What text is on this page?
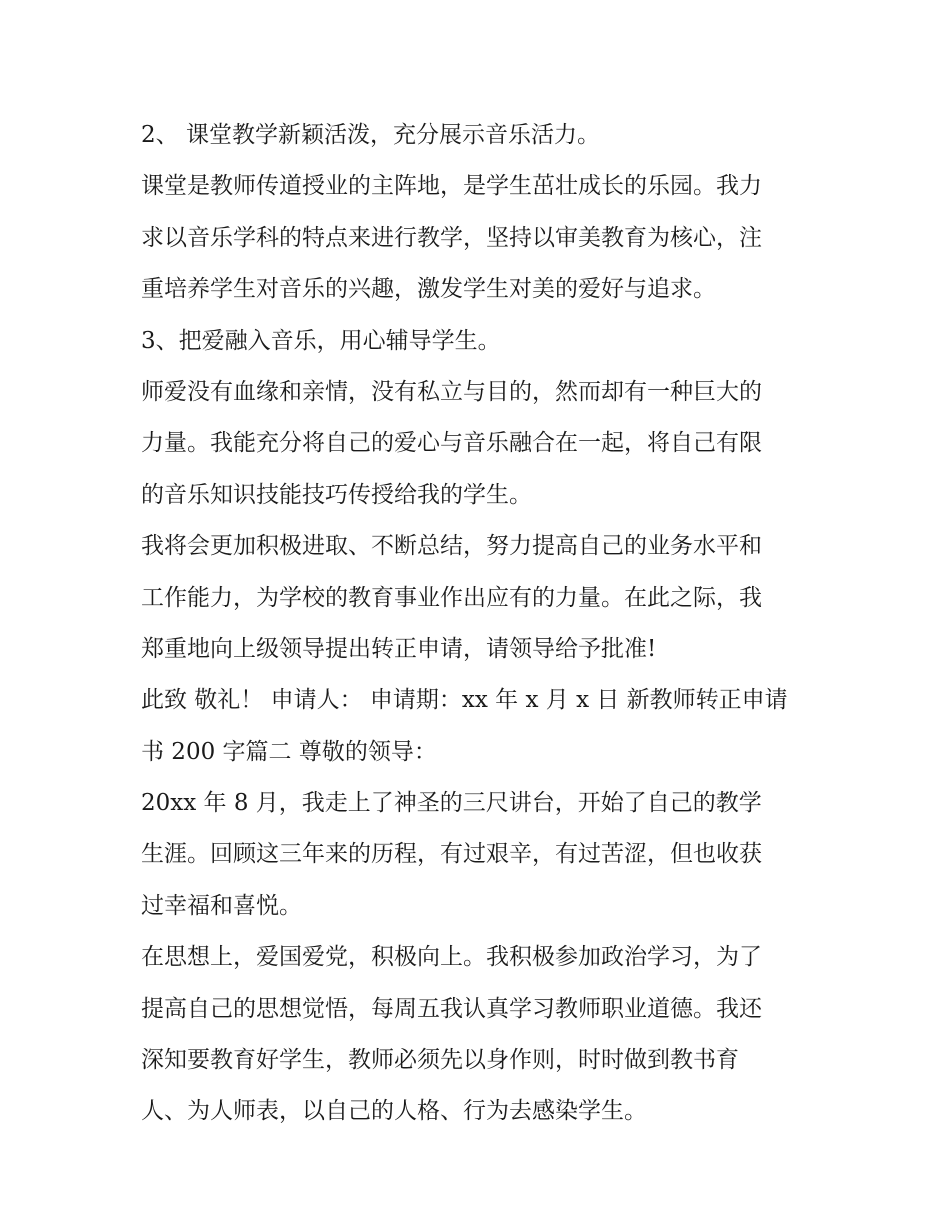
2、 课堂教学新颖活泼，充分展示音乐活力。
课堂是教师传道授业的主阵地，是学生茁壮成长的乐园。我力
求以音乐学科的特点来进行教学，坚持以审美教育为核心，注
重培养学生对音乐的兴趣，激发学生对美的爱好与追求。
3、把爱融入音乐，用心辅导学生。
师爱没有血缘和亲情，没有私立与目的，然而却有一种巨大的
力量。我能充分将自己的爱心与音乐融合在一起，将自己有限
的音乐知识技能技巧传授给我的学生。
我将会更加积极进取、不断总结，努力提高自己的业务水平和
工作能力，为学校的教育事业作出应有的力量。在此之际，我
郑重地向上级领导提出转正申请，请领导给予批准!
此致 敬礼！ 申请人： 申请期：xx 年 x 月 x 日 新教师转正申请
书 200 字篇二 尊敬的领导：
20xx 年 8 月，我走上了神圣的三尺讲台，开始了自己的教学
生涯。回顾这三年来的历程，有过艰辛，有过苦涩，但也收获
过幸福和喜悦。
在思想上，爱国爱党，积极向上。我积极参加政治学习，为了
提高自己的思想觉悟，每周五我认真学习教师职业道德。我还
深知要教育好学生，教师必须先以身作则，时时做到教书育
人、为人师表，以自己的人格、行为去感染学生。
